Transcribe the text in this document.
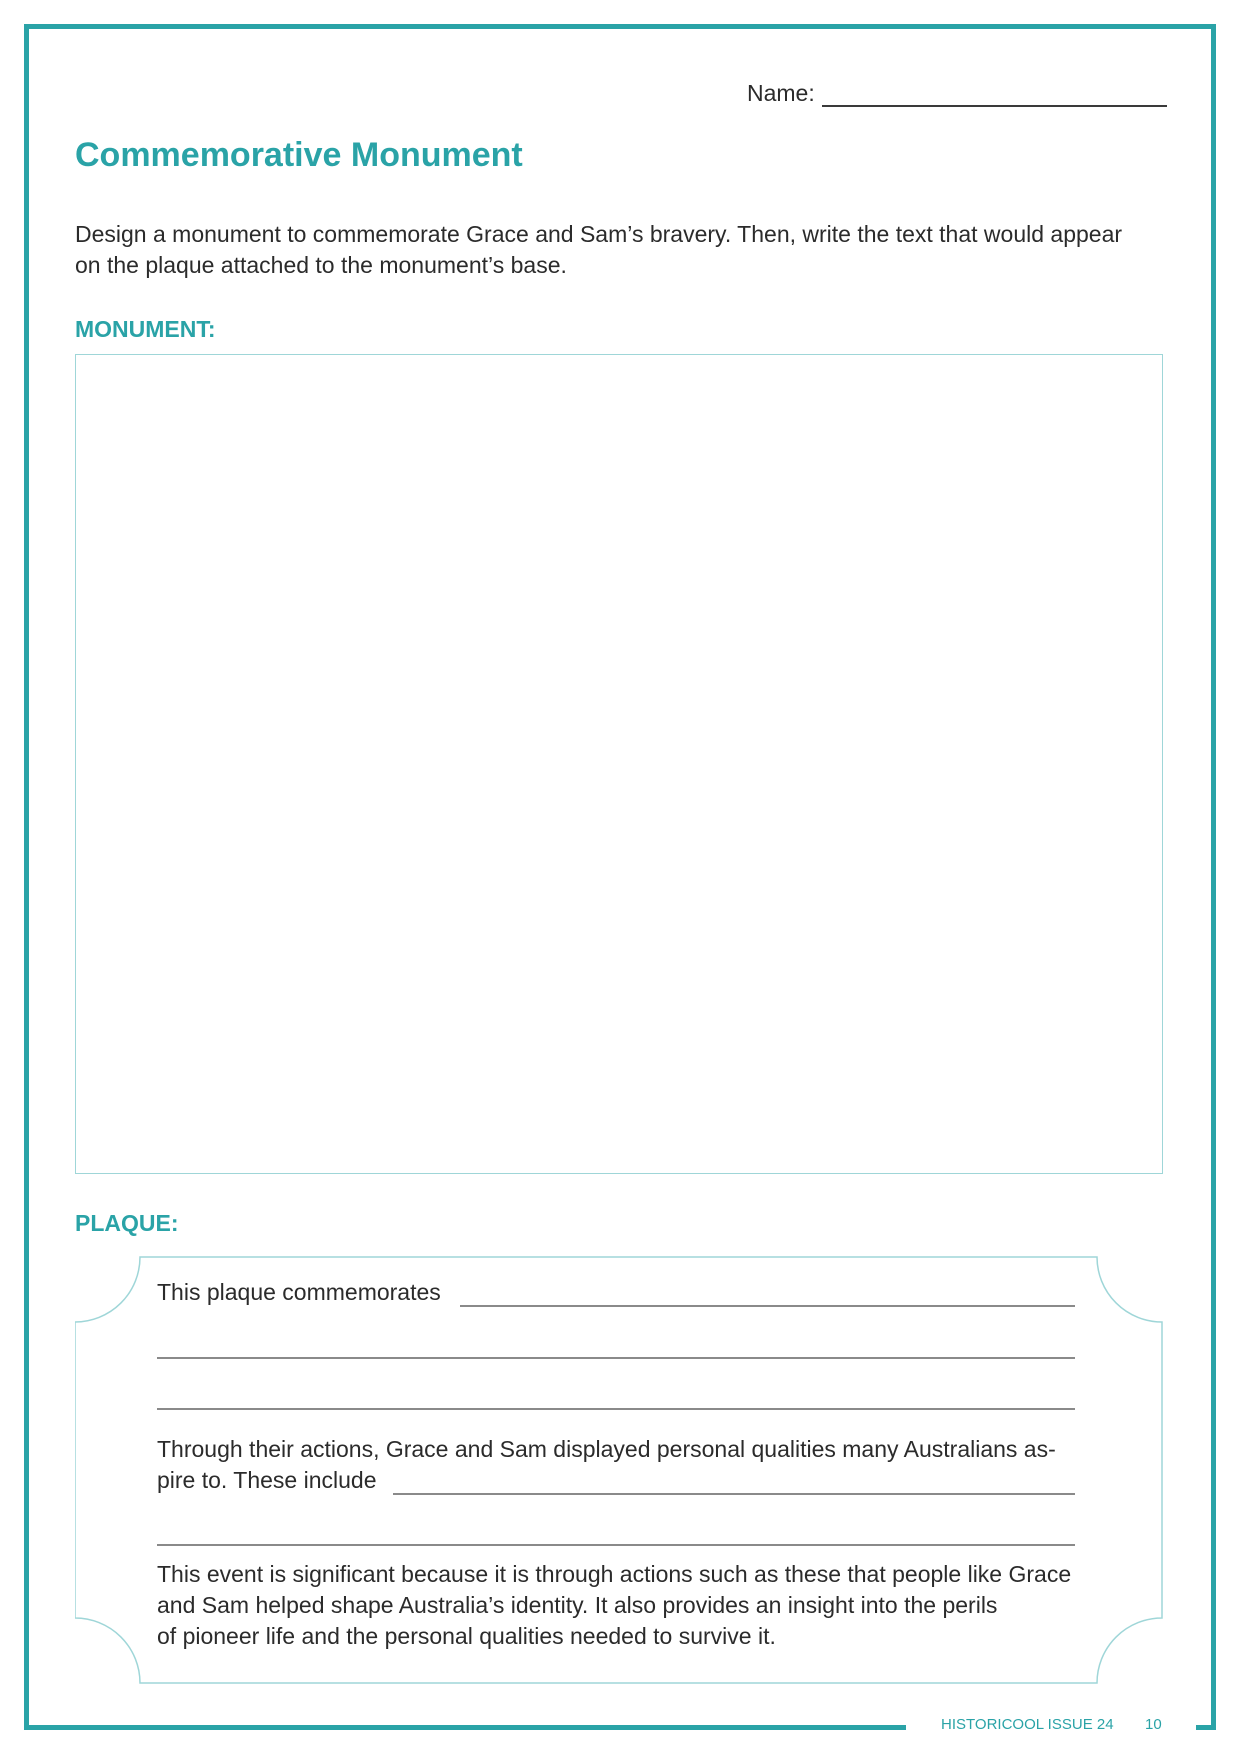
Name:
Commemorative Monument
Design a monument to commemorate Grace and Sam’s bravery. Then, write the text that would appear
on the plaque attached to the monument’s base.
MONUMENT:
PLAQUE:
This plaque commemorates
Through their actions, Grace and Sam displayed personal qualities many Australians as-
pire to. These include
This event is significant because it is through actions such as these that people like Grace
and Sam helped shape Australia’s identity. It also provides an insight into the perils
of pioneer life and the personal qualities needed to survive it.
HISTORICOOL ISSUE 24 10
